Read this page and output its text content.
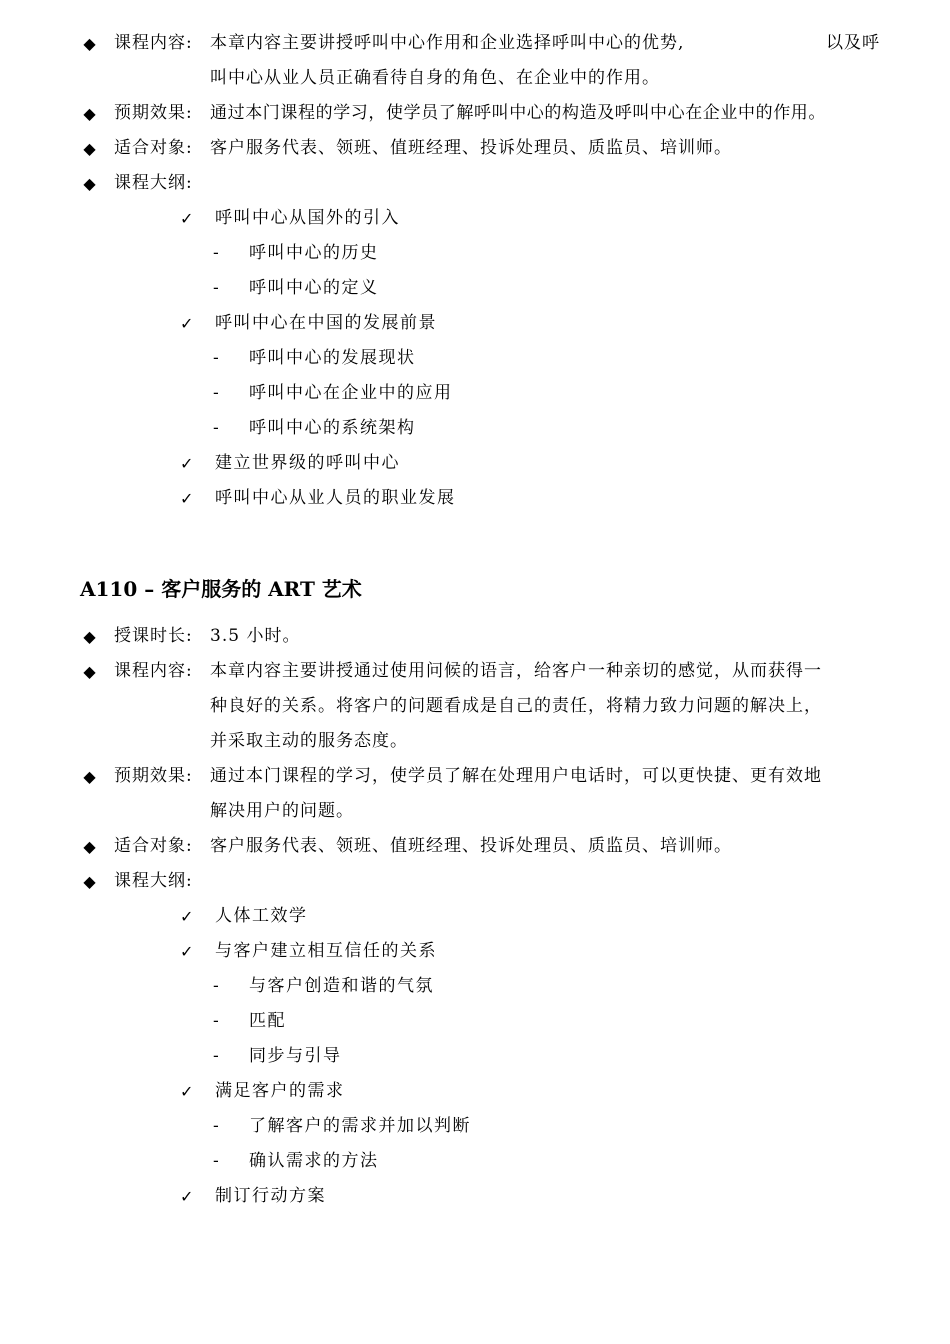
◆ 课程内容: 本章内容主要讲授呼叫中心作用和企业选择呼叫中心的优势,	以及呼
叫中心从业人员正确看待自身的角色、在企业中的作用。
◆ 预期效果: 通过本门课程的学习，使学员了解呼叫中心的构造及呼叫中心在企业中的作用。
◆ 适合对象: 客户服务代表、领班、值班经理、投诉处理员、质监员、培训师。
◆ 课程大纲:
✓ 呼叫中心从国外的引入
- 呼叫中心的历史
- 呼叫中心的定义
✓ 呼叫中心在中国的发展前景
- 呼叫中心的发展现状
- 呼叫中心在企业中的应用
- 呼叫中心的系统架构
✓ 建立世界级的呼叫中心
✓ 呼叫中心从业人员的职业发展
A110 – 客户服务的 ART 艺术
◆ 授课时长: 3.5 小时。
◆ 课程内容: 本章内容主要讲授通过使用问候的语言，给客户一种亲切的感觉，从而获得一
种良好的关系。将客户的问题看成是自己的责任，将精力致力问题的解决上，
并采取主动的服务态度。
◆ 预期效果: 通过本门课程的学习，使学员了解在处理用户电话时，可以更快捷、更有效地
解决用户的问题。
◆ 适合对象: 客户服务代表、领班、值班经理、投诉处理员、质监员、培训师。
◆ 课程大纲:
✓ 人体工效学
✓ 与客户建立相互信任的关系
- 与客户创造和谐的气氛
- 匹配
- 同步与引导
✓ 满足客户的需求
- 了解客户的需求并加以判断
- 确认需求的方法
✓ 制订行动方案
